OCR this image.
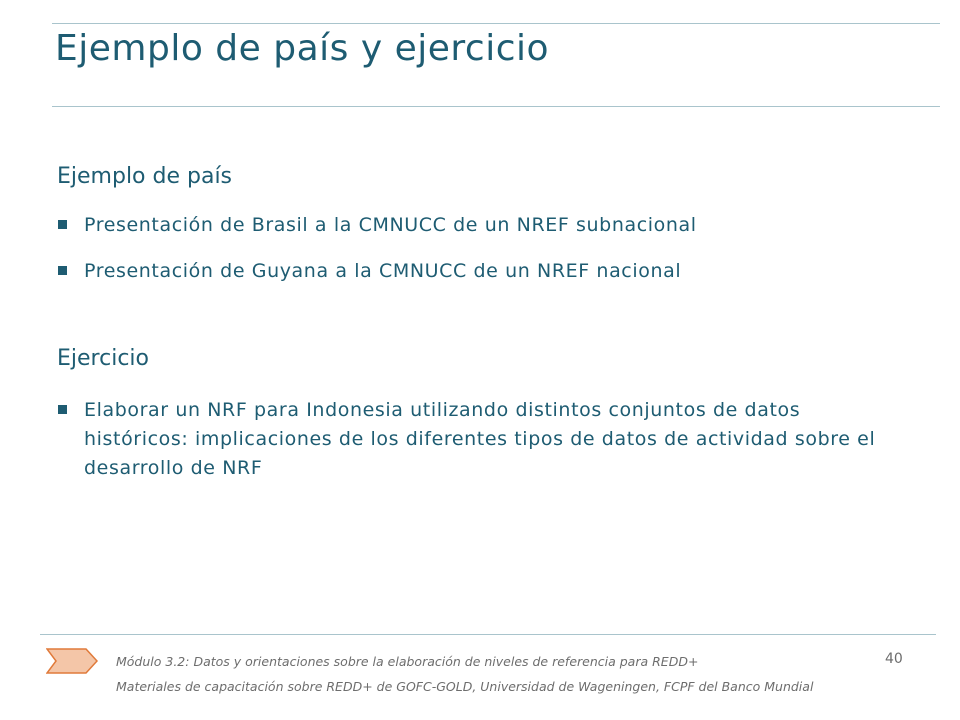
Ejemplo de país y ejercicio
Ejemplo de país
Presentación de Brasil a la CMNUCC de un NREF subnacional
Presentación de Guyana a la CMNUCC de un NREF nacional
Ejercicio
Elaborar un NRF para Indonesia utilizando distintos conjuntos de datos históricos: implicaciones de los diferentes tipos de datos de actividad sobre el desarrollo de NRF
Módulo 3.2: Datos y orientaciones sobre la elaboración de niveles de referencia para REDD+
Materiales de capacitación sobre REDD+ de GOFC-GOLD, Universidad de Wageningen, FCPF del Banco Mundial
40
